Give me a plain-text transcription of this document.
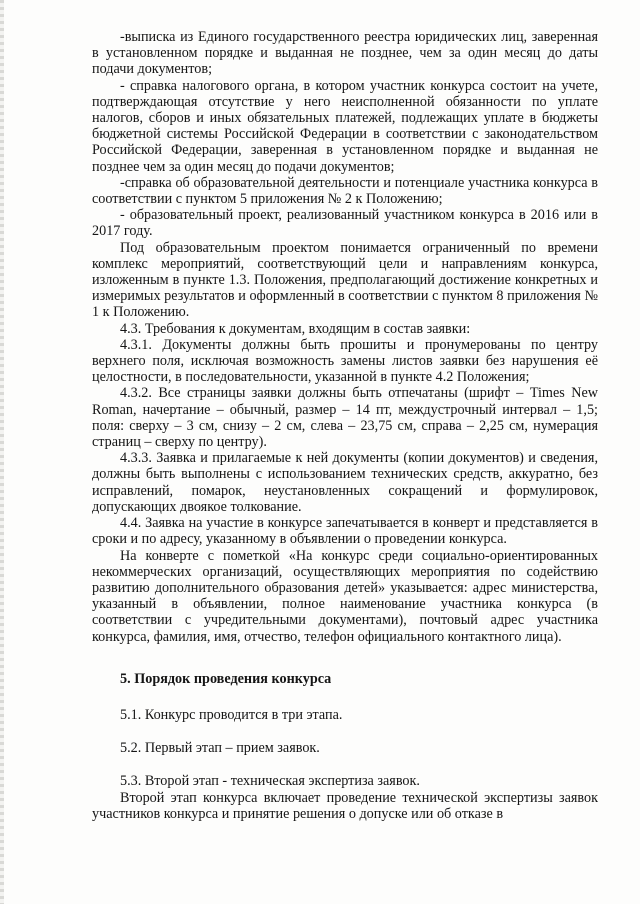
-выписка из Единого государственного реестра юридических лиц, заверенная в установленном порядке и выданная не позднее, чем за один месяц до даты подачи документов;

- справка налогового органа, в котором участник конкурса состоит на учете, подтверждающая отсутствие у него неисполненной обязанности по уплате налогов, сборов и иных обязательных платежей, подлежащих уплате в бюджеты бюджетной системы Российской Федерации в соответствии с законодательством Российской Федерации, заверенная в установленном порядке и выданная не позднее чем за один месяц до подачи документов;

-справка об образовательной деятельности и потенциале участника конкурса в соответствии с пунктом 5 приложения № 2 к Положению;

- образовательный проект, реализованный участником конкурса в 2016 или в 2017 году.

Под образовательным проектом понимается ограниченный по времени комплекс мероприятий, соответствующий цели и направлениям конкурса, изложенным в пункте 1.3. Положения, предполагающий достижение конкретных и измеримых результатов и оформленный в соответствии с пунктом 8 приложения № 1 к Положению.

4.3. Требования к документам, входящим в состав заявки:

4.3.1. Документы должны быть прошиты и пронумерованы по центру верхнего поля, исключая возможность замены листов заявки без нарушения её целостности, в последовательности, указанной в пункте 4.2 Положения;

4.3.2. Все страницы заявки должны быть отпечатаны (шрифт – Times New Roman, начертание – обычный, размер – 14 пт, междустрочный интервал – 1,5; поля: сверху – 3 см, снизу – 2 см, слева – 23,75 см, справа – 2,25 см, нумерация страниц – сверху по центру).

4.3.3. Заявка и прилагаемые к ней документы (копии документов) и сведения, должны быть выполнены с использованием технических средств, аккуратно, без исправлений, помарок, неустановленных сокращений и формулировок, допускающих двоякое толкование.

4.4. Заявка на участие в конкурсе запечатывается в конверт и представляется в сроки и по адресу, указанному в объявлении о проведении конкурса.

На конверте с пометкой «На конкурс среди социально-ориентированных некоммерческих организаций, осуществляющих мероприятия по содействию развитию дополнительного образования детей» указывается: адрес министерства, указанный в объявлении, полное наименование участника конкурса (в соответствии с учредительными документами), почтовый адрес участника конкурса, фамилия, имя, отчество, телефон официального контактного лица).

5. Порядок проведения конкурса

5.1. Конкурс проводится в три этапа.

5.2. Первый этап – прием заявок.

5.3. Второй этап - техническая экспертиза заявок.

Второй этап конкурса включает проведение технической экспертизы заявок участников конкурса и принятие решения о допуске или об отказе в
